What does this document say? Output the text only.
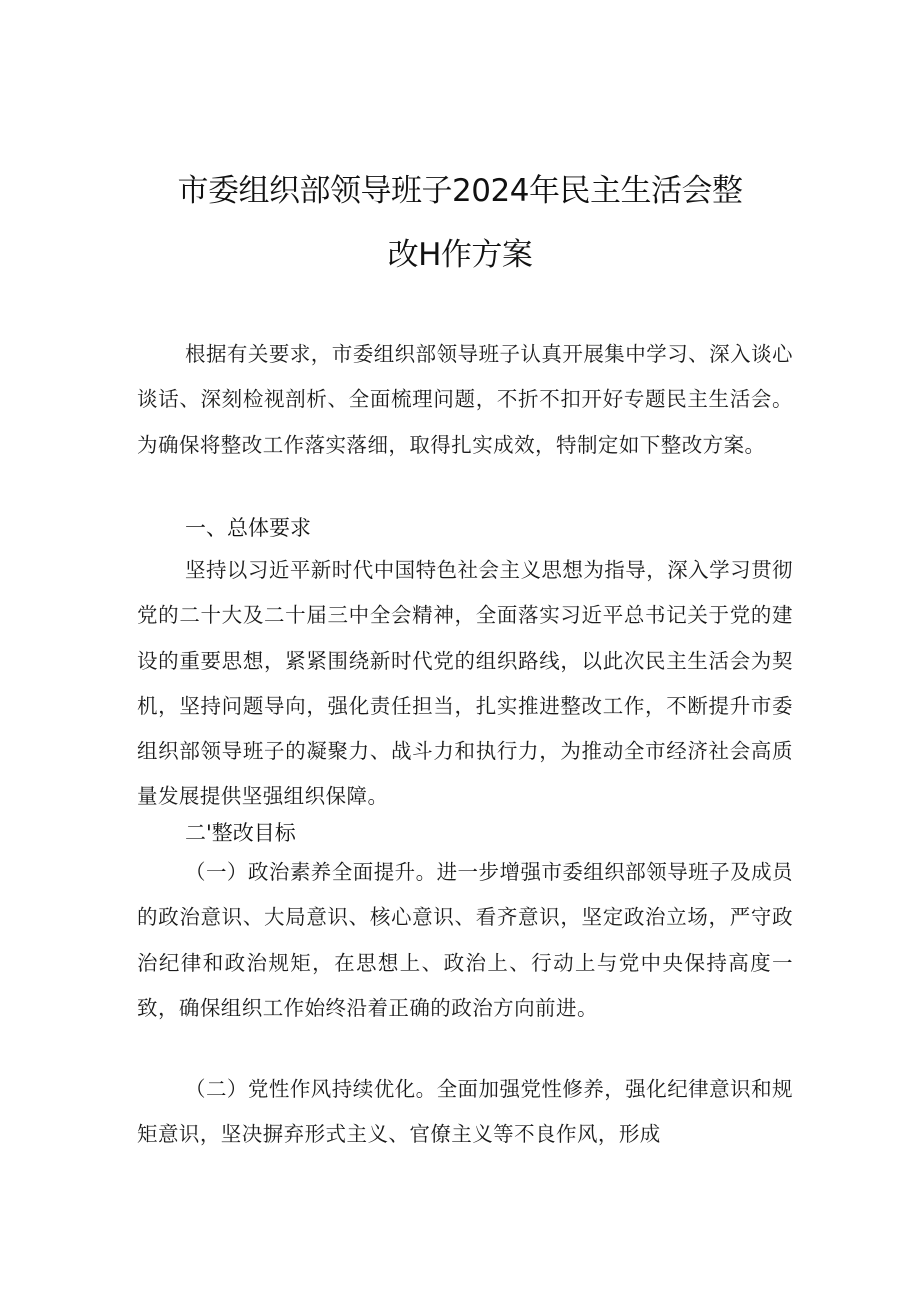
市委组织部领导班子2024年民主生活会整
改H作方案

根据有关要求，市委组织部领导班子认真开展集中学习、深入谈心谈话、深刻检视剖析、全面梳理问题，不折不扣开好专题民主生活会。为确保将整改工作落实落细，取得扎实成效，特制定如下整改方案。

一、总体要求

坚持以习近平新时代中国特色社会主义思想为指导，深入学习贯彻党的二十大及二十届三中全会精神，全面落实习近平总书记关于党的建设的重要思想，紧紧围绕新时代党的组织路线，以此次民主生活会为契机，坚持问题导向，强化责任担当，扎实推进整改工作，不断提升市委组织部领导班子的凝聚力、战斗力和执行力，为推动全市经济社会高质量发展提供坚强组织保障。

二'整改目标

（一）政治素养全面提升。进一步增强市委组织部领导班子及成员的政治意识、大局意识、核心意识、看齐意识，坚定政治立场，严守政治纪律和政治规矩，在思想上、政治上、行动上与党中央保持高度一致，确保组织工作始终沿着正确的政治方向前进。

（二）党性作风持续优化。全面加强党性修养，强化纪律意识和规矩意识，坚决摒弃形式主义、官僚主义等不良作风，形成
